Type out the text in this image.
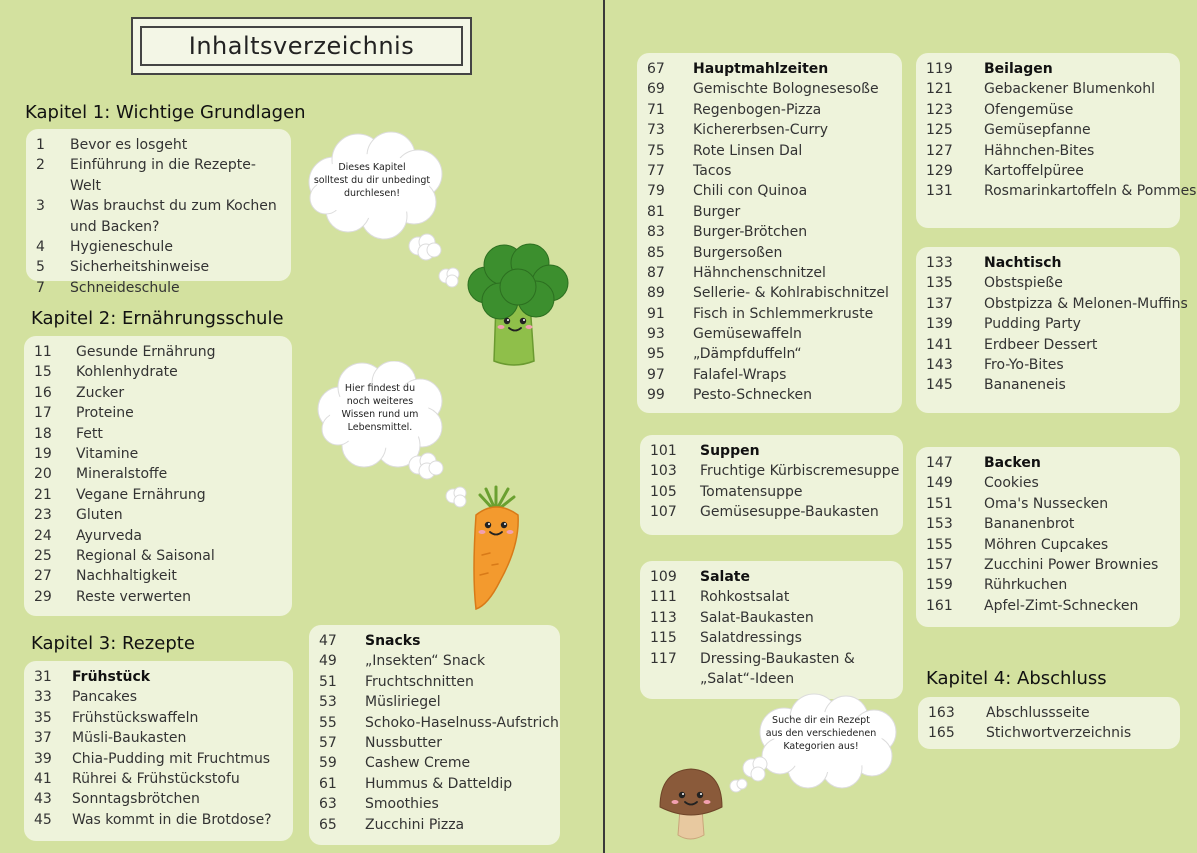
Inhaltsverzeichnis
Kapitel 1: Wichtige Grundlagen
Kapitel 2: Ernährungsschule
Kapitel 3: Rezepte
Kapitel 4: Abschluss
1	Bevor es losgeht
2	Einführung in die Rezepte-Welt
3	Was brauchst du zum Kochen und Backen?
4	Hygieneschule
5	Sicherheitshinweise
7	Schneideschule
11	Gesunde Ernährung
15	Kohlenhydrate
16	Zucker
17	Proteine
18	Fett
19	Vitamine
20	Mineralstoffe
21	Vegane Ernährung
23	Gluten
24	Ayurveda
25	Regional & Saisonal
27	Nachhaltigkeit
29	Reste verwerten
31	Frühstück
33	Pancakes
35	Frühstückswaffeln
37	Müsli-Baukasten
39	Chia-Pudding mit Fruchtmus
41	Rührei & Frühstückstofu
43	Sonntagsbrötchen
45	Was kommt in die Brotdose?
47	Snacks
49	„Insekten“ Snack
51	Fruchtschnitten
53	Müsliriegel
55	Schoko-Haselnuss-Aufstrich
57	Nussbutter
59	Cashew Creme
61	Hummus & Datteldip
63	Smoothies
65	Zucchini Pizza
67	Hauptmahlzeiten
69	Gemischte Bolognesesoße
71	Regenbogen-Pizza
73	Kichererbsen-Curry
75	Rote Linsen Dal
77	Tacos
79	Chili con Quinoa
81	Burger
83	Burger-Brötchen
85	Burgersoßen
87	Hähnchenschnitzel
89	Sellerie- & Kohlrabischnitzel
91	Fisch in Schlemmerkruste
93	Gemüsewaffeln
95	„Dämpfduffeln“
97	Falafel-Wraps
99	Pesto-Schnecken
101	Suppen
103	Fruchtige Kürbiscremesuppe
105	Tomatensuppe
107	Gemüsesuppe-Baukasten
109	Salate
111	Rohkostsalat
113	Salat-Baukasten
115	Salatdressings
117	Dressing-Baukasten & „Salat“-Ideen
119	Beilagen
121	Gebackener Blumenkohl
123	Ofengemüse
125	Gemüsepfanne
127	Hähnchen-Bites
129	Kartoffelpüree
131	Rosmarinkartoffeln & Pommes
133	Nachtisch
135	Obstspieße
137	Obstpizza & Melonen-Muffins
139	Pudding Party
141	Erdbeer Dessert
143	Fro-Yo-Bites
145	Bananeneis
147	Backen
149	Cookies
151	Oma's Nussecken
153	Bananenbrot
155	Möhren Cupcakes
157	Zucchini Power Brownies
159	Rührkuchen
161	Apfel-Zimt-Schnecken
163	Abschlussseite
165	Stichwortverzeichnis
Dieses Kapitel
solltest du dir unbedingt
durchlesen!
Hier findest du
noch weiteres
Wissen rund um
Lebensmittel.
Suche dir ein Rezept
aus den verschiedenen
Kategorien aus!
